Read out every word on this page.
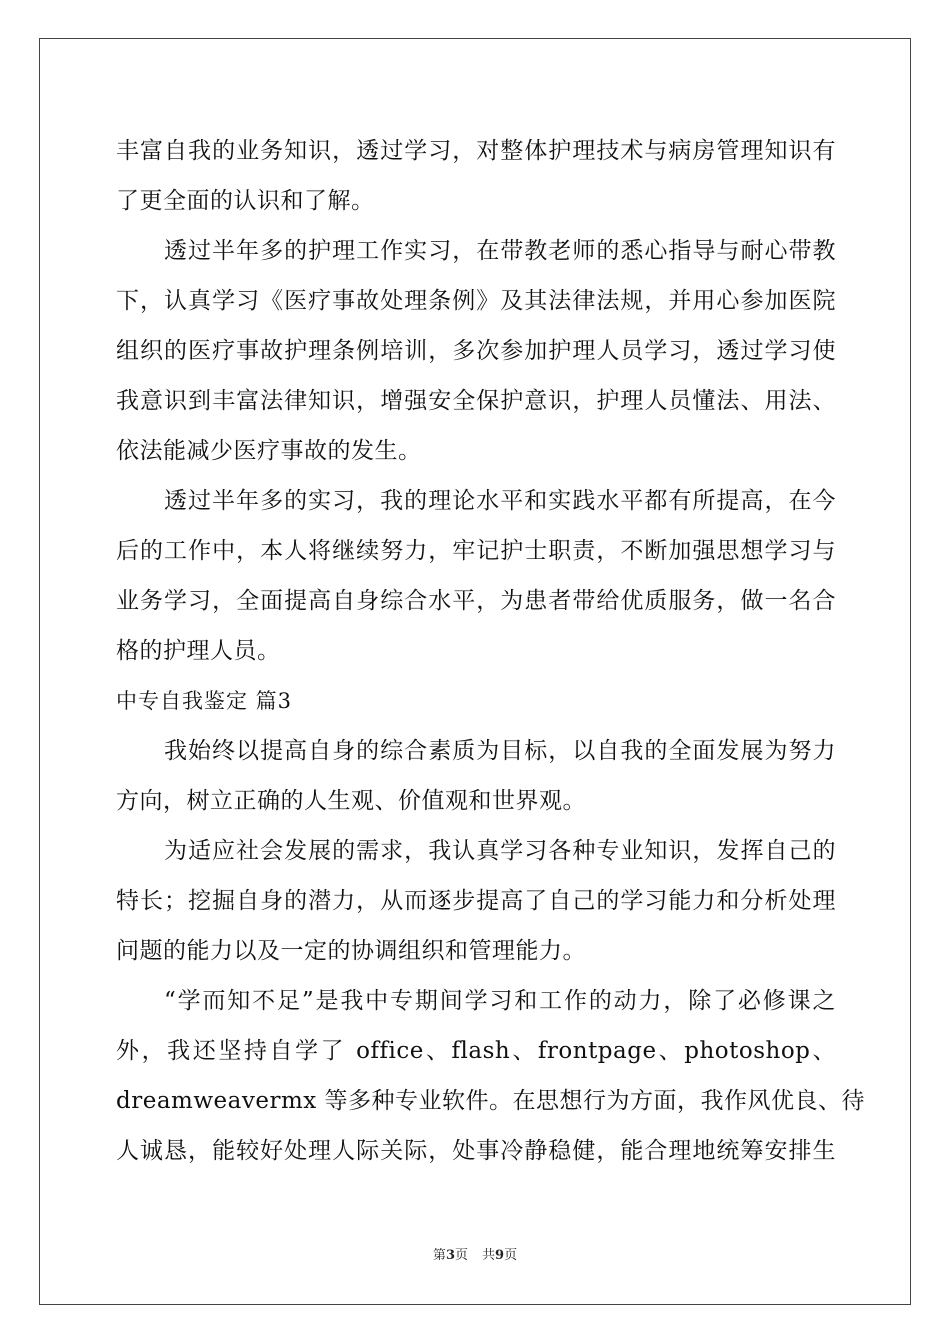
丰富自我的业务知识，透过学习，对整体护理技术与病房管理知识有
了更全面的认识和了解。
透过半年多的护理工作实习，在带教老师的悉心指导与耐心带教
下，认真学习《医疗事故处理条例》及其法律法规，并用心参加医院
组织的医疗事故护理条例培训，多次参加护理人员学习，透过学习使
我意识到丰富法律知识，增强安全保护意识，护理人员懂法、用法、
依法能减少医疗事故的发生。
透过半年多的实习，我的理论水平和实践水平都有所提高，在今
后的工作中，本人将继续努力，牢记护士职责，不断加强思想学习与
业务学习，全面提高自身综合水平，为患者带给优质服务，做一名合
格的护理人员。
中专自我鉴定 篇3
我始终以提高自身的综合素质为目标，以自我的全面发展为努力
方向，树立正确的人生观、价值观和世界观。
为适应社会发展的需求，我认真学习各种专业知识，发挥自己的
特长；挖掘自身的潜力，从而逐步提高了自己的学习能力和分析处理
问题的能力以及一定的协调组织和管理能力。
“学而知不足”是我中专期间学习和工作的动力，除了必修课之
外，我还坚持自学了 office、flash、frontpage、photoshop、
dreamweavermx 等多种专业软件。在思想行为方面，我作风优良、待
人诚恳，能较好处理人际关际，处事冷静稳健，能合理地统筹安排生
第3页 共9页
